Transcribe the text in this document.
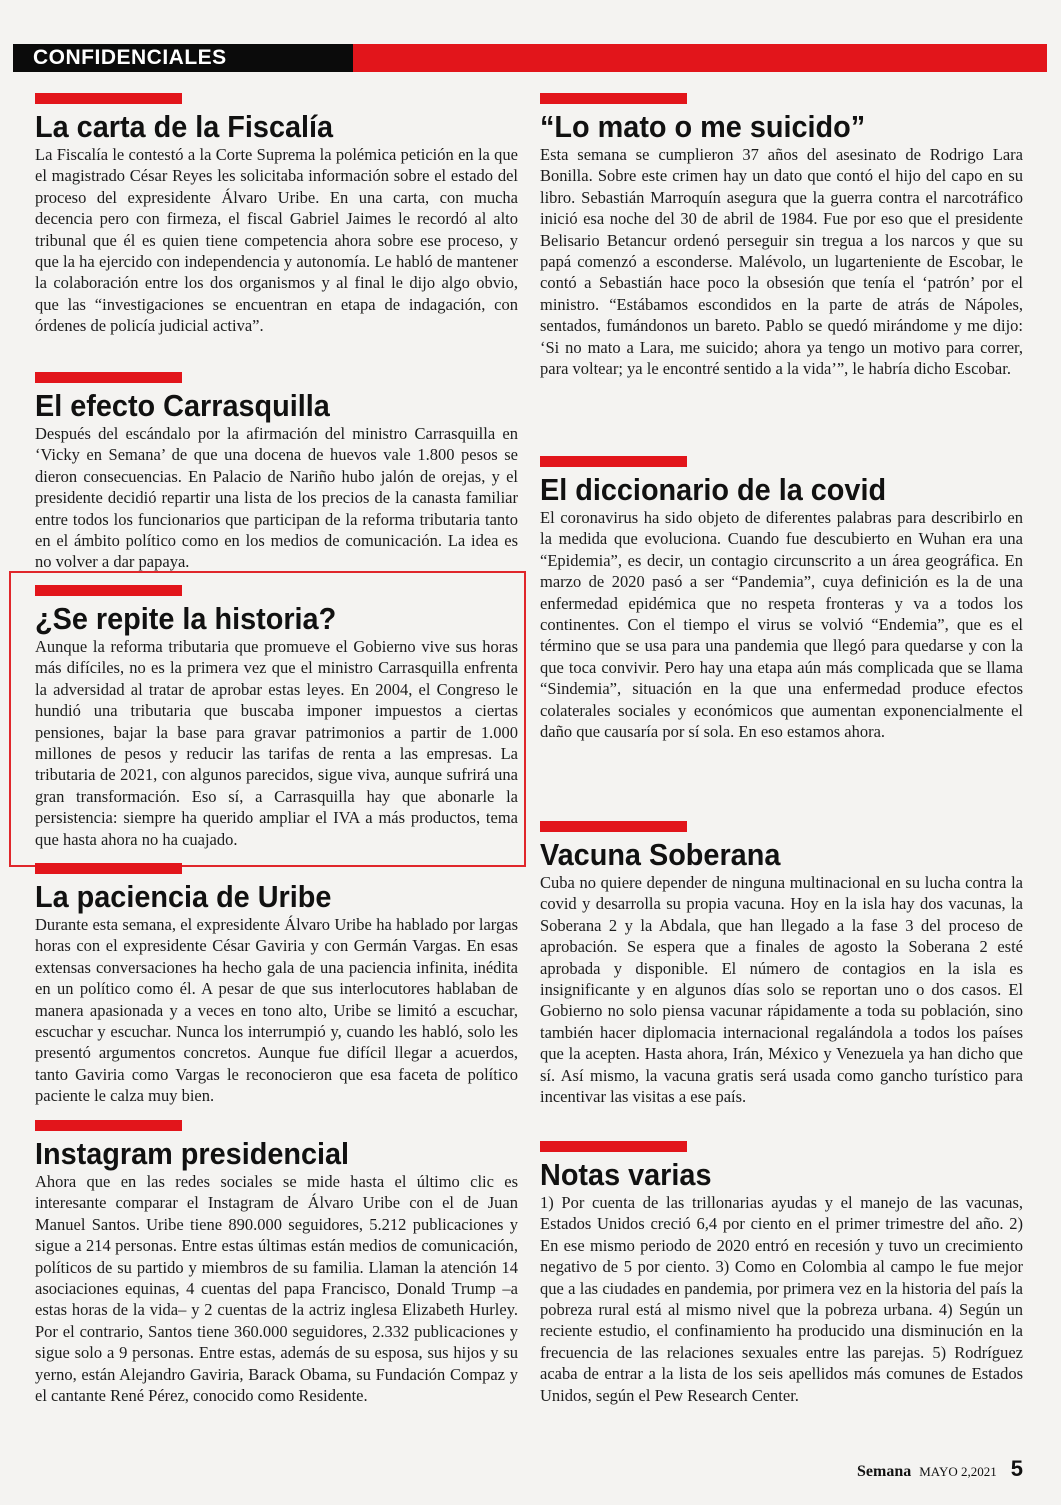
CONFIDENCIALES
La carta de la Fiscalía

La Fiscalía le contestó a la Corte Suprema la polémica petición en la que el magistrado César Reyes les solicitaba información sobre el estado del proceso del expresidente Álvaro Uribe. En una carta, con mucha decencia pero con firmeza, el fiscal Gabriel Jaimes le recordó al alto tribunal que él es quien tiene competencia ahora sobre ese proceso, y que la ha ejercido con independencia y autonomía. Le habló de mantener la colaboración entre los dos organismos y al final le dijo algo obvio, que las “investigaciones se encuentran en etapa de indagación, con órdenes de policía judicial activa”.

El efecto Carrasquilla

Después del escándalo por la afirmación del ministro Carrasquilla en ‘Vicky en Semana’ de que una docena de huevos vale 1.800 pesos se dieron consecuencias. En Palacio de Nariño hubo jalón de orejas, y el presidente decidió repartir una lista de los precios de la canasta familiar entre todos los funcionarios que participan de la reforma tributaria tanto en el ámbito político como en los medios de comunicación. La idea es no volver a dar papaya.

¿Se repite la historia?

Aunque la reforma tributaria que promueve el Gobierno vive sus horas más difíciles, no es la primera vez que el ministro Carrasquilla enfrenta la adversidad al tratar de aprobar estas leyes. En 2004, el Congreso le hundió una tributaria que buscaba imponer impuestos a ciertas pensiones, bajar la base para gravar patrimonios a partir de 1.000 millones de pesos y reducir las tarifas de renta a las empresas. La tributaria de 2021, con algunos parecidos, sigue viva, aunque sufrirá una gran transformación. Eso sí, a Carrasquilla hay que abonarle la persistencia: siempre ha querido ampliar el IVA a más productos, tema que hasta ahora no ha cuajado.

La paciencia de Uribe

Durante esta semana, el expresidente Álvaro Uribe ha hablado por largas horas con el expresidente César Gaviria y con Germán Vargas. En esas extensas conversaciones ha hecho gala de una paciencia infinita, inédita en un político como él. A pesar de que sus interlocutores hablaban de manera apasionada y a veces en tono alto, Uribe se limitó a escuchar, escuchar y escuchar. Nunca los interrumpió y, cuando les habló, solo les presentó argumentos concretos. Aunque fue difícil llegar a acuerdos, tanto Gaviria como Vargas le reconocieron que esa faceta de político paciente le calza muy bien.

Instagram presidencial

Ahora que en las redes sociales se mide hasta el último clic es interesante comparar el Instagram de Álvaro Uribe con el de Juan Manuel Santos. Uribe tiene 890.000 seguidores, 5.212 publicaciones y sigue a 214 personas. Entre estas últimas están medios de comunicación, políticos de su partido y miembros de su familia. Llaman la atención 14 asociaciones equinas, 4 cuentas del papa Francisco, Donald Trump –a estas horas de la vida– y 2 cuentas de la actriz inglesa Elizabeth Hurley. Por el contrario, Santos tiene 360.000 seguidores, 2.332 publicaciones y sigue solo a 9 personas. Entre estas, además de su esposa, sus hijos y su yerno, están Alejandro Gaviria, Barack Obama, su Fundación Compaz y el cantante René Pérez, conocido como Residente.

“Lo mato o me suicido”

Esta semana se cumplieron 37 años del asesinato de Rodrigo Lara Bonilla. Sobre este crimen hay un dato que contó el hijo del capo en su libro. Sebastián Marroquín asegura que la guerra contra el narcotráfico inició esa noche del 30 de abril de 1984. Fue por eso que el presidente Belisario Betancur ordenó perseguir sin tregua a los narcos y que su papá comenzó a esconderse. Malévolo, un lugarteniente de Escobar, le contó a Sebastián hace poco la obsesión que tenía el ‘patrón’ por el ministro. “Estábamos escondidos en la parte de atrás de Nápoles, sentados, fumándonos un bareto. Pablo se quedó mirándome y me dijo: ‘Si no mato a Lara, me suicido; ahora ya tengo un motivo para correr, para voltear; ya le encontré sentido a la vida’”, le habría dicho Escobar.

El diccionario de la covid

El coronavirus ha sido objeto de diferentes palabras para describirlo en la medida que evoluciona. Cuando fue descubierto en Wuhan era una “Epidemia”, es decir, un contagio circunscrito a un área geográfica. En marzo de 2020 pasó a ser “Pandemia”, cuya definición es la de una enfermedad epidémica que no respeta fronteras y va a todos los continentes. Con el tiempo el virus se volvió “Endemia”, que es el término que se usa para una pandemia que llegó para quedarse y con la que toca convivir. Pero hay una etapa aún más complicada que se llama “Sindemia”, situación en la que una enfermedad produce efectos colaterales sociales y económicos que aumentan exponencialmente el daño que causaría por sí sola. En eso estamos ahora.

Vacuna Soberana

Cuba no quiere depender de ninguna multinacional en su lucha contra la covid y desarrolla su propia vacuna. Hoy en la isla hay dos vacunas, la Soberana 2 y la Abdala, que han llegado a la fase 3 del proceso de aprobación. Se espera que a finales de agosto la Soberana 2 esté aprobada y disponible. El número de contagios en la isla es insignificante y en algunos días solo se reportan uno o dos casos. El Gobierno no solo piensa vacunar rápidamente a toda su población, sino también hacer diplomacia internacional regalándola a todos los países que la acepten. Hasta ahora, Irán, México y Venezuela ya han dicho que sí. Así mismo, la vacuna gratis será usada como gancho turístico para incentivar las visitas a ese país.

Notas varias

1) Por cuenta de las trillonarias ayudas y el manejo de las vacunas, Estados Unidos creció 6,4 por ciento en el primer trimestre del año. 2) En ese mismo periodo de 2020 entró en recesión y tuvo un crecimiento negativo de 5 por ciento. 3) Como en Colombia al campo le fue mejor que a las ciudades en pandemia, por primera vez en la historia del país la pobreza rural está al mismo nivel que la pobreza urbana. 4) Según un reciente estudio, el confinamiento ha producido una disminución en la frecuencia de las relaciones sexuales entre las parejas. 5) Rodríguez acaba de entrar a la lista de los seis apellidos más comunes de Estados Unidos, según el Pew Research Center.

Semana MAYO 2,2021 5
